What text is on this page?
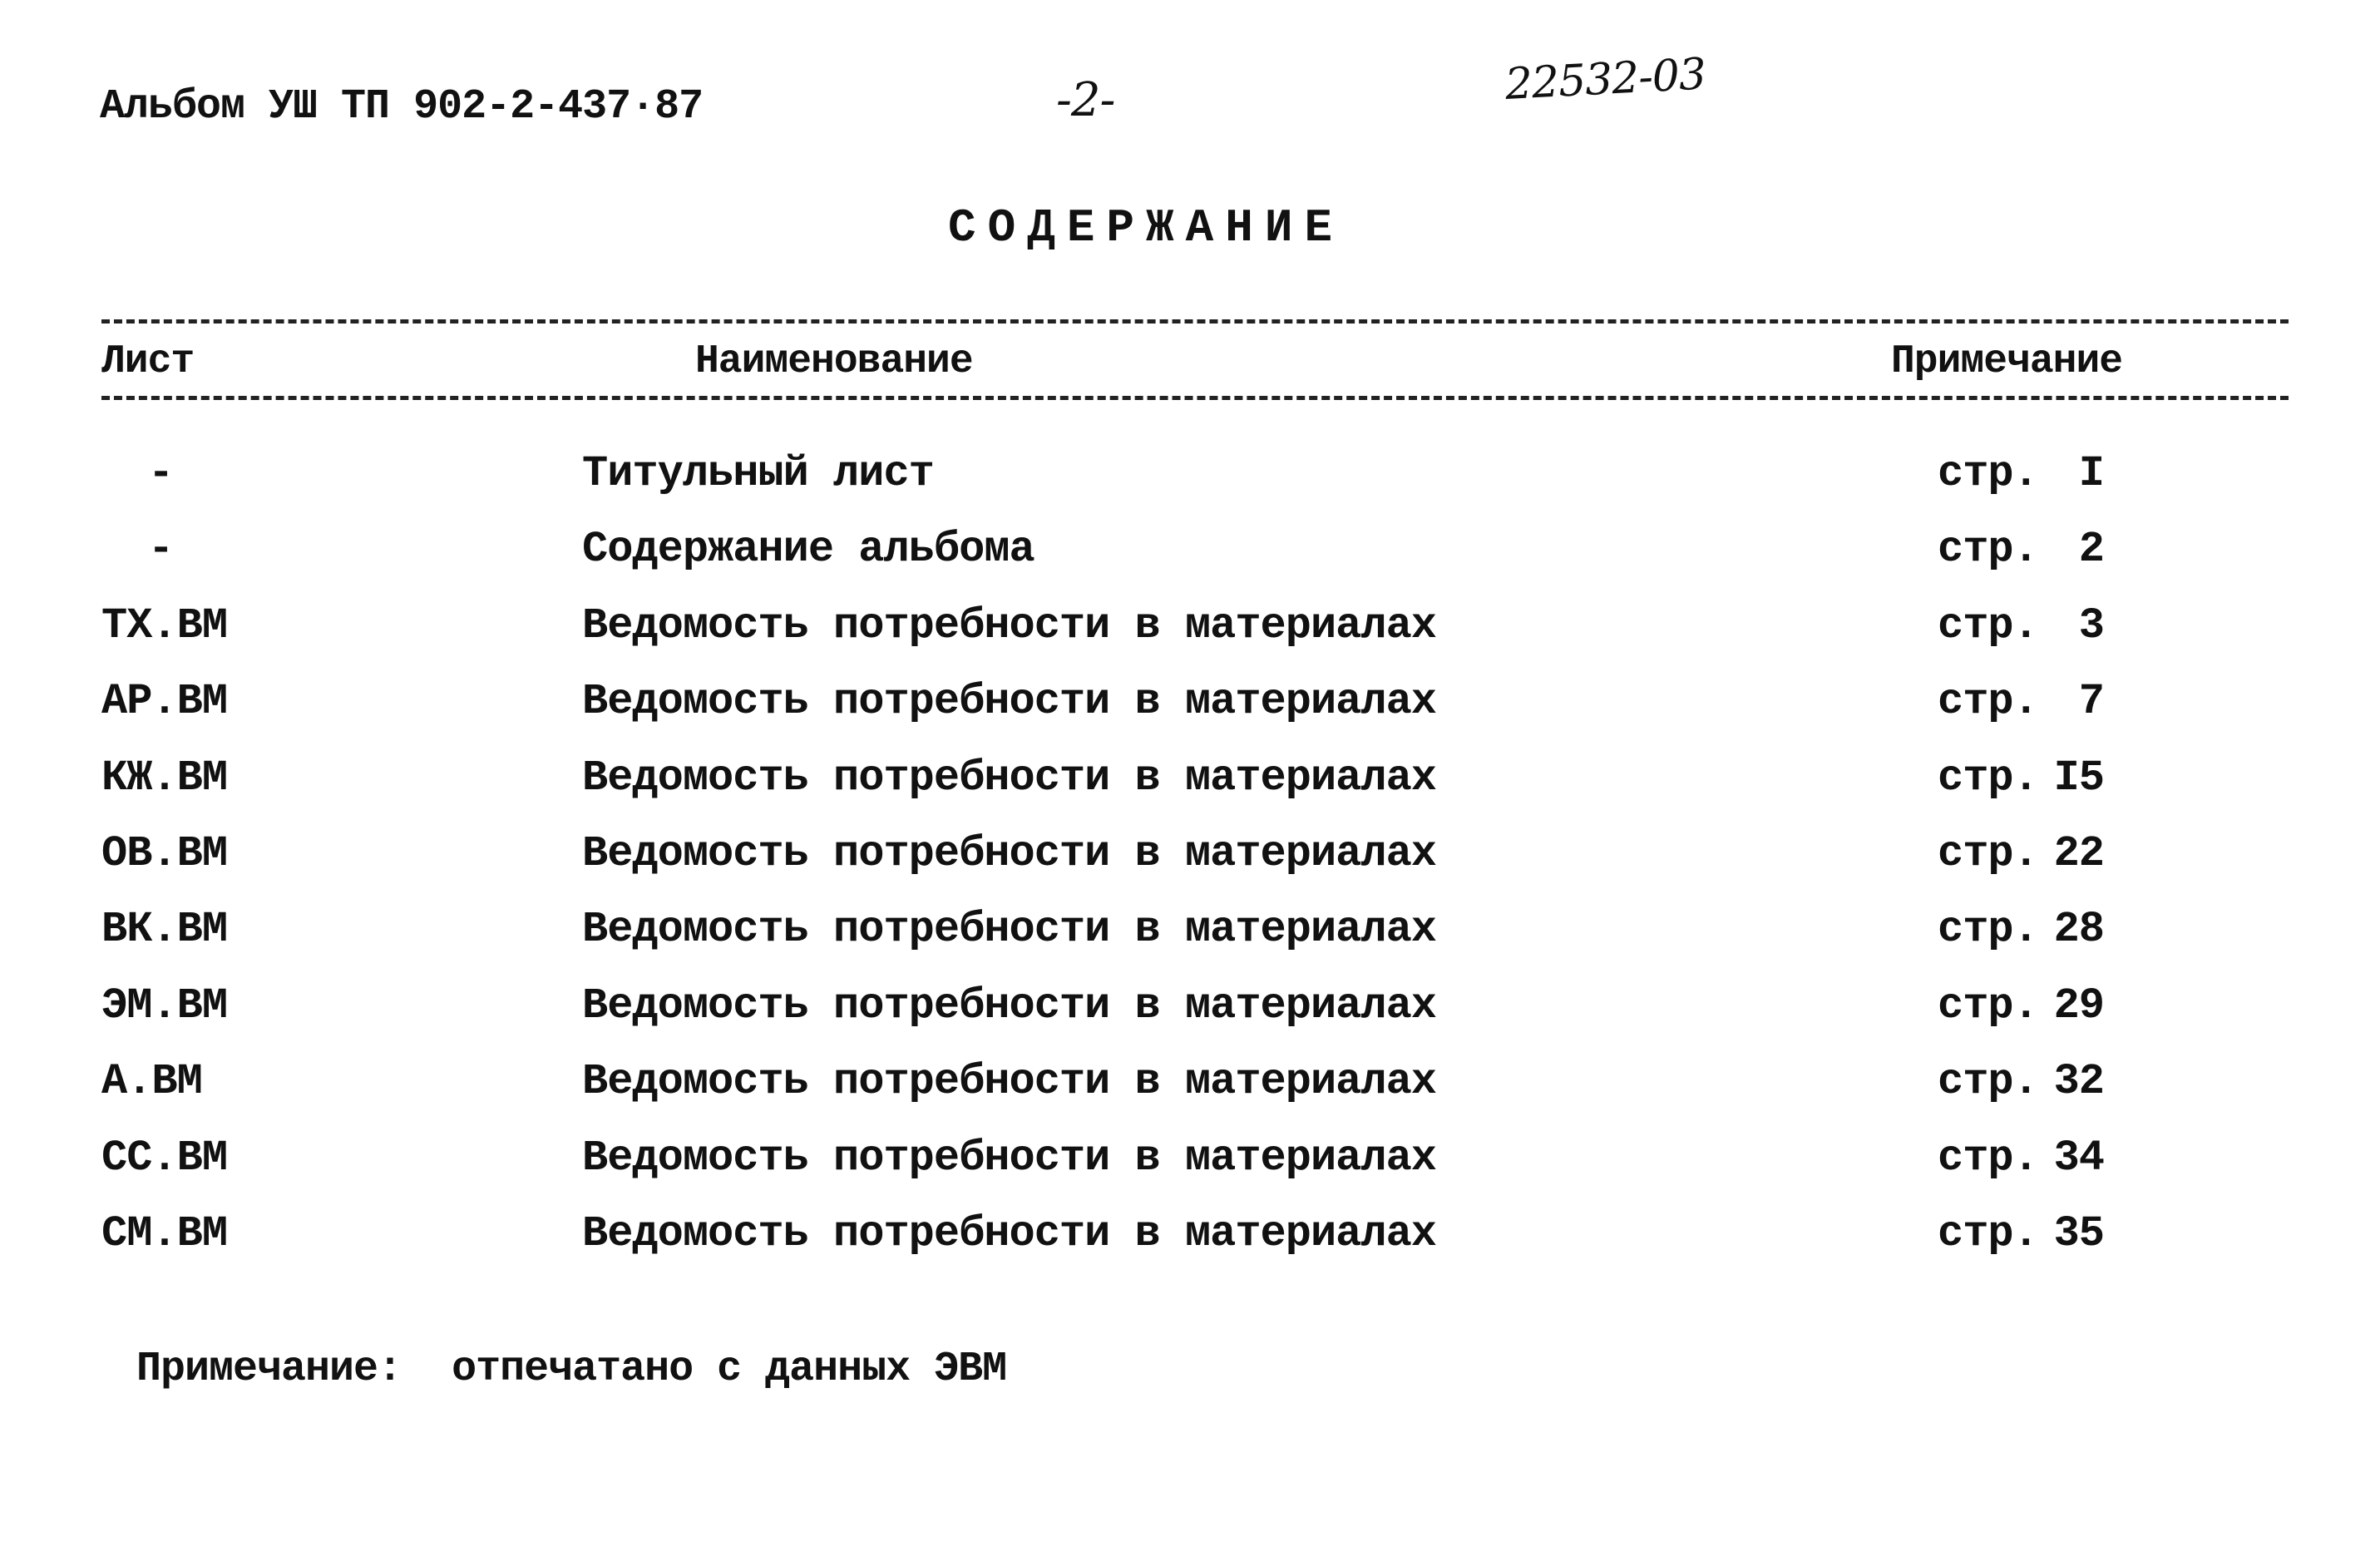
Альбом УШ ТП 902-2-437·87	-2-	22532-03
СОДЕРЖАНИЕ
Лист	Наименование	Примечание
-	Титульный лист	стр. I
-	Содержание альбома	стр. 2
ТХ.ВМ	Ведомость потребности в материалах	стр. 3
АР.ВМ	Ведомость потребности в материалах	стр. 7
КЖ.ВМ	Ведомость потребности в материалах	стр. I5
ОВ.ВМ	Ведомость потребности в материалах	стр. 22
ВК.ВМ	Ведомость потребности в материалах	стр. 28
ЭМ.ВМ	Ведомость потребности в материалах	стр. 29
А.ВМ	Ведомость потребности в материалах	стр. 32
СС.ВМ	Ведомость потребности в материалах	стр. 34
СМ.ВМ	Ведомость потребности в материалах	стр. 35
Примечание: отпечатано с данных ЭВМ
